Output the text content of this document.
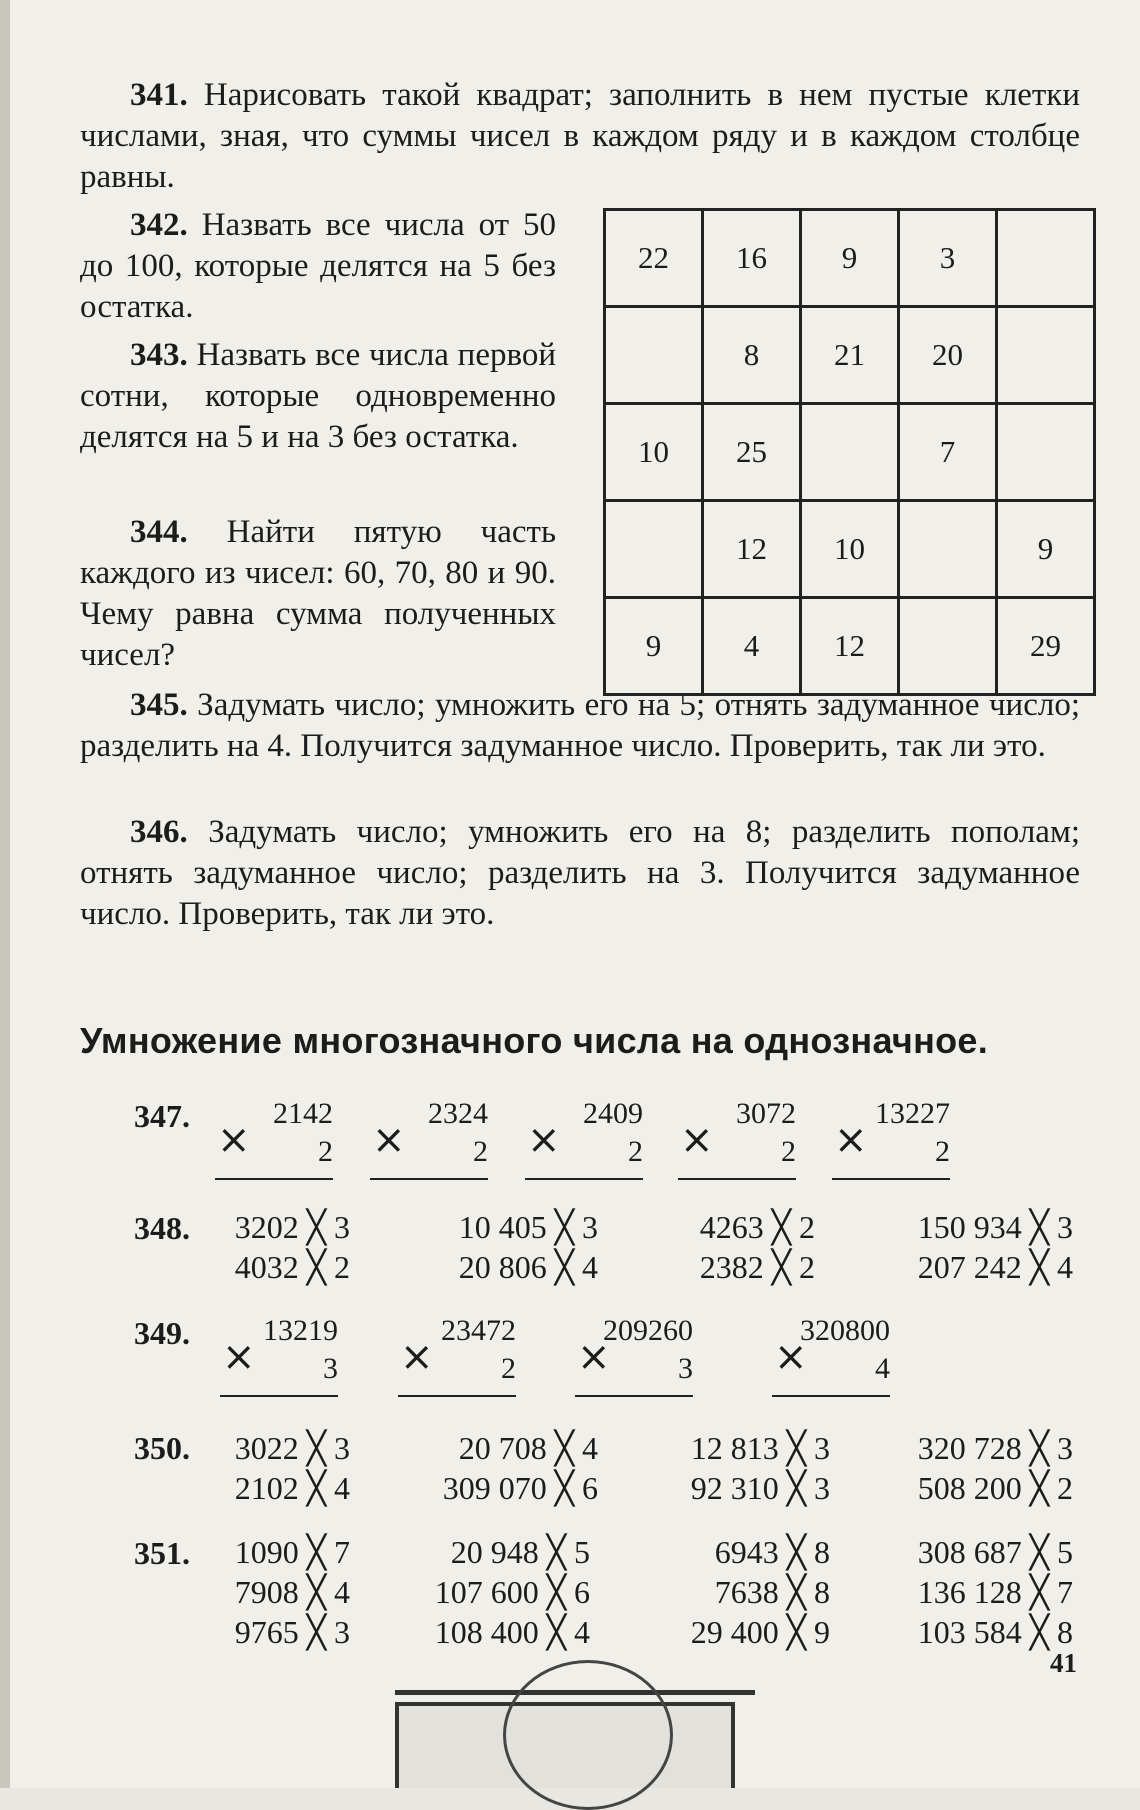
341. Нарисовать такой квадрат; заполнить в нем пустые клетки числами, зная, что суммы чисел в каждом ряду и в каждом столбце равны.
342. Назвать все числа от 50 до 100, которые делятся на 5 без остатка.
343. Назвать все числа первой сотни, которые одновременно делятся на 5 и на 3 без остатка.
344. Найти пятую часть каждого из чисел: 60, 70, 80 и 90. Чему равна сумма полученных чисел?
345. Задумать число; умножить его на 5; отнять задуманное число; разделить на 4. Получится задуманное число. Проверить, так ли это.
346. Задумать число; умножить его на 8; разделить пополам; отнять задуманное число; разделить на 3. Получится задуманное число. Проверить, так ли это.
22	16	9	3	
	8	21	20	
10	25		7	
	12	10		9
9	4	12		29
Умножение многозначного числа на однозначное.
347.
×
2142
2 ×
2324
2 ×
2409
2 ×
3072
2 ×
13227
2
348. 3202 ╳ 3	10 405 ╳ 3	4263 ╳ 2	150 934 ╳ 3
4032 ╳ 2	20 806 ╳ 4	2382 ╳ 2	207 242 ╳ 4
349.
×
13219
3 ×
23472
2 ×
209260
3 ×
320800
4
350. 3022 ╳ 3	20 708 ╳ 4	12 813 ╳ 3	320 728 ╳ 3
2102 ╳ 4	309 070 ╳ 6	92 310 ╳ 3	508 200 ╳ 2
351. 1090 ╳ 7	20 948 ╳ 5	6943 ╳ 8	308 687 ╳ 5
7908 ╳ 4	107 600 ╳ 6	7638 ╳ 8	136 128 ╳ 7
9765 ╳ 3	108 400 ╳ 4	29 400 ╳ 9	103 584 ╳ 8
41
